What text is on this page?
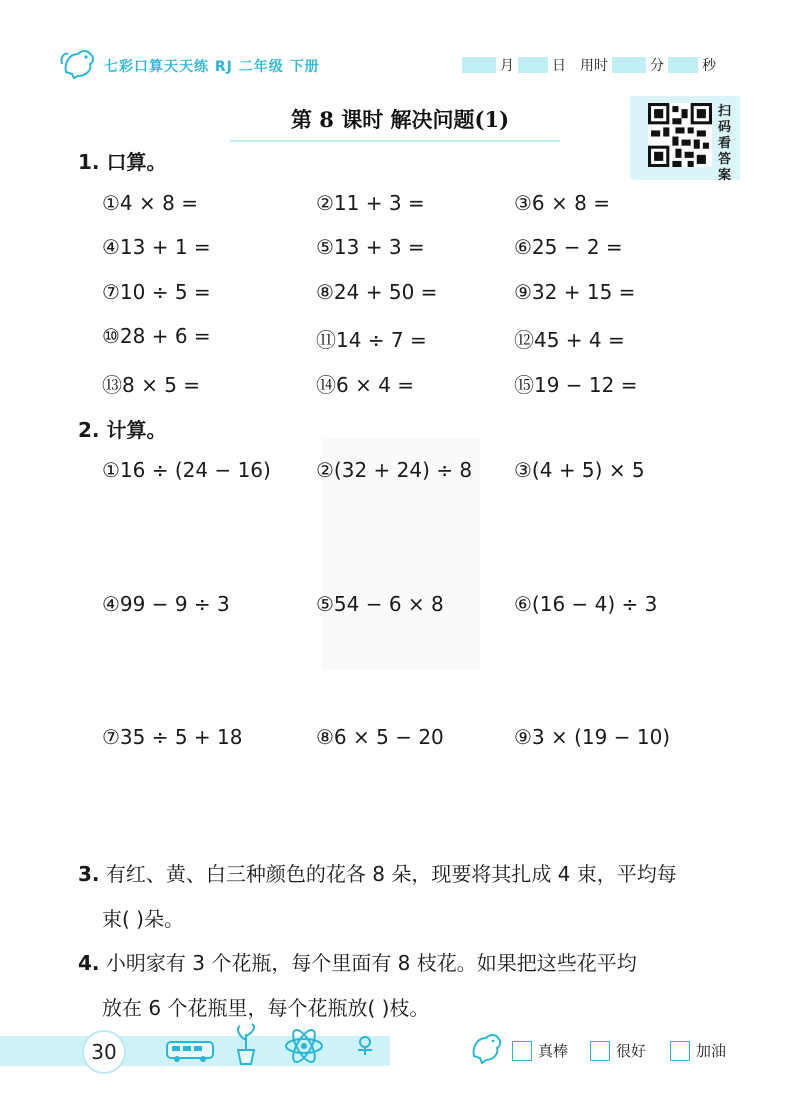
七彩口算天天练 RJ 二年级 下册	月	日 用时	分	秒
第 8 课时 解决问题(1)	扫
码
看
答
案
1. 口算。
①4 × 8 =	②11 + 3 =	③6 × 8 =
④13 + 1 =	⑤13 + 3 =	⑥25 − 2 =
⑦10 ÷ 5 =	⑧24 + 50 =	⑨32 + 15 =
⑩28 + 6 =	⑪14 ÷ 7 =	⑫45 + 4 =
⑬8 × 5 =	⑭6 × 4 =	⑮19 − 12 =
2. 计算。
①16 ÷ (24 − 16) ②(32 + 24) ÷ 8 ③(4 + 5) × 5
④99 − 9 ÷ 3	⑤54 − 6 × 8	⑥(16 − 4) ÷ 3
⑦35 ÷ 5 + 18	⑧6 × 5 − 20	⑨3 × (19 − 10)
3. 有红、黄、白三种颜色的花各 8 朵，现要将其扎成 4 束，平均每
束( )朵。
4. 小明家有 3 个花瓶，每个里面有 8 枝花。如果把这些花平均
放在 6 个花瓶里，每个花瓶放( )枝。
30	真棒	很好	加油
